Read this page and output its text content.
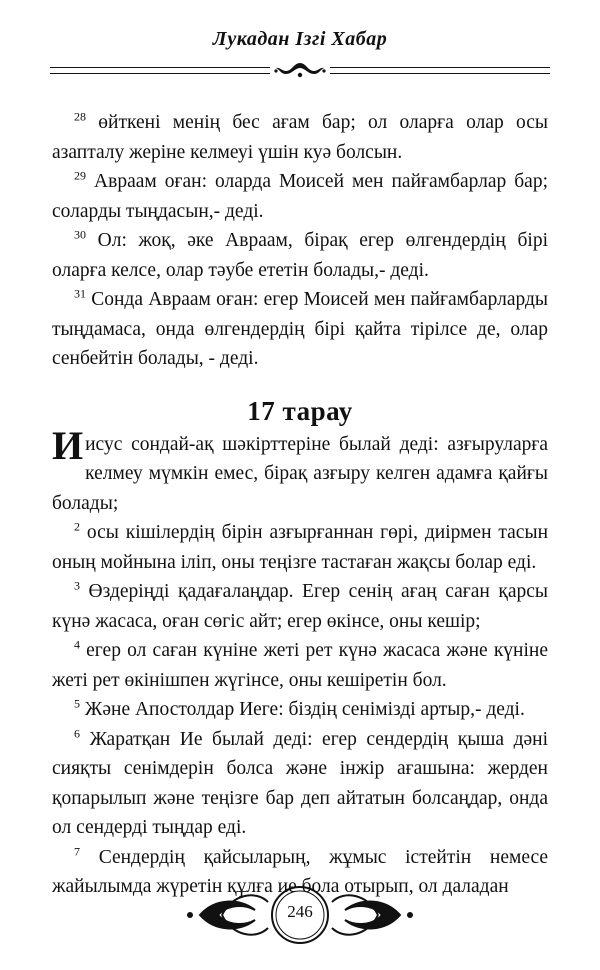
Лукадан Ізгі Хабар

$^{28}$ өйткені менің бес ағам бар; ол оларға олар осы азапталу жеріне келмеуі үшін куә болсын.

$^{29}$ Авраам оған: оларда Моисей мен пайғамбарлар бар; соларды тыңдасын,- деді.

$^{30}$ Ол: жоқ, әке Авраам, бірақ егер өлгендердің бірі оларға келсе, олар тәубе ететін болады,- деді.

$^{31}$ Сонда Авраам оған: егер Моисей мен пайғамбарларды тыңдамаса, онда өлгендердің бірі қайта тірілсе де, олар сенбейтін болады, - деді.

17 тарау

Иисус сондай-ақ шәкірттеріне былай деді: азғыруларға келмеу мүмкін емес, бірақ азғыру келген адамға қайғы болады;

$^2$ осы кішілердің бірін азғырғаннан гөрі, диірмен тасын оның мойнына іліп, оны теңізге тастаған жақсы болар еді.

$^3$ Өздеріңді қадағалаңдар. Егер сенің ағаң саған қарсы күнә жасаса, оған сөгіс айт; егер өкінсе, оны кешір;

$^4$ егер ол саған күніне жеті рет күнә жасаса және күніне жеті рет өкінішпен жүгінсе, оны кешіретін бол.

$^5$ Және Апостолдар Иеге: біздің сенімізді артыр,- деді.

$^6$ Жаратқан Ие былай деді: егер сендердің қыша дәні сияқты сенімдерін болса және інжір ағашына: жерден қопарылып және теңізге бар деп айтатын болсаңдар, онда ол сендерді тыңдар еді.

$^7$ Сендердің қайсыларың, жұмыс істейтін немесе жайылымда жүретін құлға ие бола отырып, ол даладан

246
